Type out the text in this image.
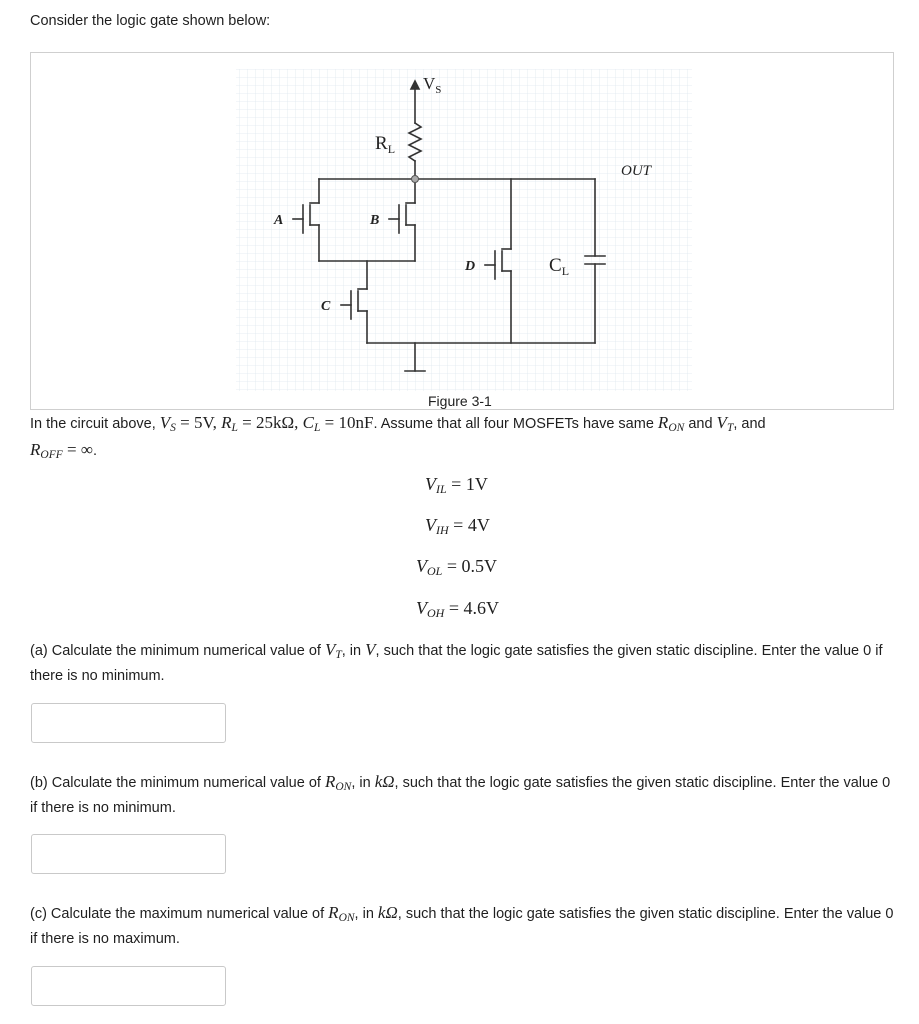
Consider the logic gate shown below:
$V_S$
$R_L$
OUT
A	B
C
D	$C_L$
Figure 3-1
In the circuit above, $V_S = 5V$, $R_L = 25k\Omega$, $C_L = 10nF$. Assume that all four MOSFETs have same $R_{ON}$ and $V_T$, and
$R_{OFF}$ = ∞.
$V_{IL} = 1V$
$V_{IH} = 4V$
$V_{OL} = 0.5V$
$V_{OH} = 4.6V$
(a) Calculate the minimum numerical value of $V_T$, in V, such that the logic gate satisfies the given static discipline. Enter the value 0 if there is no minimum.
(b) Calculate the minimum numerical value of $R_{ON}$, in kΩ, such that the logic gate satisfies the given static discipline. Enter the value 0 if there is no minimum.
(c) Calculate the maximum numerical value of $R_{ON}$, in kΩ, such that the logic gate satisfies the given static discipline. Enter the value 0 if there is no maximum.
